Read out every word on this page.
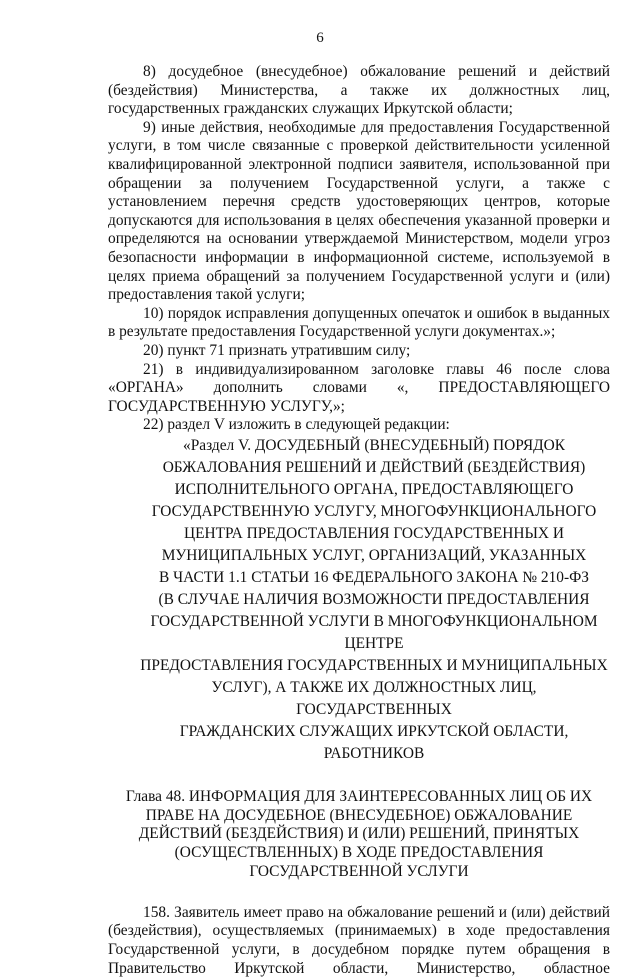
6

8) досудебное (внесудебное) обжалование решений и действий (бездействия) Министерства, а также их должностных лиц, государственных гражданских служащих Иркутской области;

9) иные действия, необходимые для предоставления Государственной услуги, в том числе связанные с проверкой действительности усиленной квалифицированной электронной подписи заявителя, использованной при обращении за получением Государственной услуги, а также с установлением перечня средств удостоверяющих центров, которые допускаются для использования в целях обеспечения указанной проверки и определяются на основании утверждаемой Министерством, модели угроз безопасности информации в информационной системе, используемой в целях приема обращений за получением Государственной услуги и (или) предоставления такой услуги;

10) порядок исправления допущенных опечаток и ошибок в выданных в результате предоставления Государственной услуги документах.»;

20) пункт 71 признать утратившим силу;

21) в индивидуализированном заголовке главы 46 после слова «ОРГАНА» дополнить словами «, ПРЕДОСТАВЛЯЮЩЕГО ГОСУДАРСТВЕННУЮ УСЛУГУ,»;

22) раздел V изложить в следующей редакции:

«Раздел V. ДОСУДЕБНЫЙ (ВНЕСУДЕБНЫЙ) ПОРЯДОК
ОБЖАЛОВАНИЯ РЕШЕНИЙ И ДЕЙСТВИЙ (БЕЗДЕЙСТВИЯ)
ИСПОЛНИТЕЛЬНОГО ОРГАНА, ПРЕДОСТАВЛЯЮЩЕГО
ГОСУДАРСТВЕННУЮ УСЛУГУ, МНОГОФУНКЦИОНАЛЬНОГО
ЦЕНТРА ПРЕДОСТАВЛЕНИЯ ГОСУДАРСТВЕННЫХ И
МУНИЦИПАЛЬНЫХ УСЛУГ, ОРГАНИЗАЦИЙ, УКАЗАННЫХ
В ЧАСТИ 1.1 СТАТЬИ 16 ФЕДЕРАЛЬНОГО ЗАКОНА № 210-ФЗ
(В СЛУЧАЕ НАЛИЧИЯ ВОЗМОЖНОСТИ ПРЕДОСТАВЛЕНИЯ
ГОСУДАРСТВЕННОЙ УСЛУГИ В МНОГОФУНКЦИОНАЛЬНОМ ЦЕНТРЕ
ПРЕДОСТАВЛЕНИЯ ГОСУДАРСТВЕННЫХ И МУНИЦИПАЛЬНЫХ
УСЛУГ), А ТАКЖЕ ИХ ДОЛЖНОСТНЫХ ЛИЦ, ГОСУДАРСТВЕННЫХ
ГРАЖДАНСКИХ СЛУЖАЩИХ ИРКУТСКОЙ ОБЛАСТИ, РАБОТНИКОВ

Глава 48. ИНФОРМАЦИЯ ДЛЯ ЗАИНТЕРЕСОВАННЫХ ЛИЦ ОБ ИХ
ПРАВЕ НА ДОСУДЕБНОЕ (ВНЕСУДЕБНОЕ) ОБЖАЛОВАНИЕ
ДЕЙСТВИЙ (БЕЗДЕЙСТВИЯ) И (ИЛИ) РЕШЕНИЙ, ПРИНЯТЫХ
(ОСУЩЕСТВЛЕННЫХ) В ХОДЕ ПРЕДОСТАВЛЕНИЯ
ГОСУДАРСТВЕННОЙ УСЛУГИ

158. Заявитель имеет право на обжалование решений и (или) действий (бездействия), осуществляемых (принимаемых) в ходе предоставления Государственной услуги, в досудебном порядке путем обращения в Правительство Иркутской области, Министерство, областное
